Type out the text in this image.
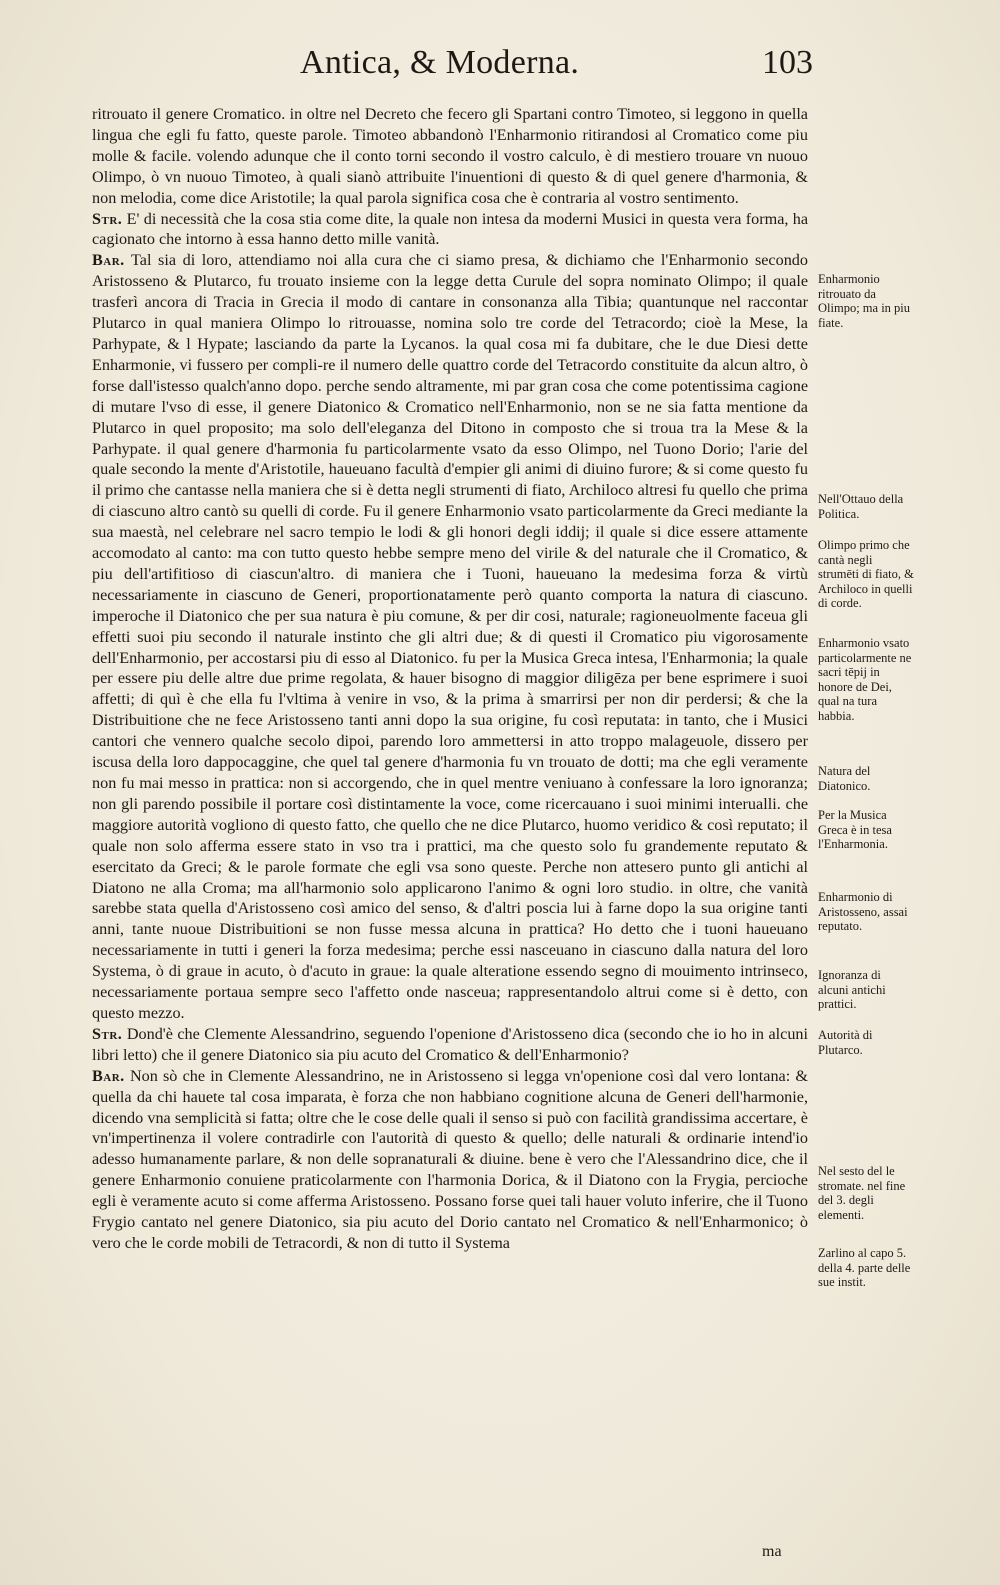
Antica, & Moderna.	103

ritrouato il genere Cromatico. in oltre nel Decreto che fecero gli Spartani contro Timoteo, si leggono in quella lingua che egli fu fatto, queste parole. Timoteo abbandonò l'Enharmonio ritirandosi al Cromatico come piu molle & facile. volendo adunque che il conto torni secondo il vostro calculo, è di mestiero trouare vn nuouo Olimpo, ò vn nuouo Timoteo, à quali sianò attribuite l'inuentioni di questo & di quel genere d'harmonia, & non melodia, come dice Aristotile; la qual parola significa cosa che è contraria al vostro sentimento.

Str. E' di necessità che la cosa stia come dite, la quale non intesa da moderni Musici in questa vera forma, ha cagionato che intorno à essa hanno detto mille vanità.

Bar. Tal sia di loro, attendiamo noi alla cura che ci siamo presa, & dichiamo che l'Enharmonio secondo Aristosseno & Plutarco, fu trouato insieme con la legge detta Curule del sopra nominato Olimpo; il quale trasferì ancora di Tracia in Grecia il modo di cantare in consonanza alla Tibia; quantunque nel raccontar Plutarco in qual maniera Olimpo lo ritrouasse, nomina solo tre corde del Tetracordo; cioè la Mese, la Parhypate, & l Hypate; lasciando da parte la Lycanos. la qual cosa mi fa dubitare, che le due Diesi dette Enharmonie, vi fussero per compli-re il numero delle quattro corde del Tetracordo constituite da alcun altro, ò forse dall'istesso qualch'anno dopo. perche sendo altramente, mi par gran cosa che come potentissima cagione di mutare l'vso di esse, il genere Diatonico & Cromatico nell'Enharmonio, non se ne sia fatta mentione da Plutarco in quel proposito; ma solo dell'eleganza del Ditono in composto che si troua tra la Mese & la Parhypate. il qual genere d'harmonia fu particolarmente vsato da esso Olimpo, nel Tuono Dorio; l'arie del quale secondo la mente d'Aristotile, haueuano facultà d'empier gli animi di diuino furore; & si come questo fu il primo che cantasse nella maniera che si è detta negli strumenti di fiato, Archiloco altresi fu quello che prima di ciascuno altro cantò su quelli di corde. Fu il genere Enharmonio vsato particolarmente da Greci mediante la sua maestà, nel celebrare nel sacro tempio le lodi & gli honori degli iddij; il quale si dice essere attamente accomodato al canto: ma con tutto questo hebbe sempre meno del virile & del naturale che il Cromatico, & piu dell'artifitioso di ciascun'altro. di maniera che i Tuoni, haueuano la medesima forza & virtù necessariamente in ciascuno de Generi, proportionatamente però quanto comporta la natura di ciascuno. imperoche il Diatonico che per sua natura è piu comune, & per dir cosi, naturale; ragioneuolmente faceua gli effetti suoi piu secondo il naturale instinto che gli altri due; & di questi il Cromatico piu vigorosamente dell'Enharmonio, per accostarsi piu di esso al Diatonico. fu per la Musica Greca intesa, l'Enharmonia; la quale per essere piu delle altre due prime regolata, & hauer bisogno di maggior diligēza per bene esprimere i suoi affetti; di quì è che ella fu l'vltima à venire in vso, & la prima à smarrirsi per non dir perdersi; & che la Distribuitione che ne fece Aristosseno tanti anni dopo la sua origine, fu così reputata: in tanto, che i Musici cantori che vennero qualche secolo dipoi, parendo loro ammettersi in atto troppo malageuole, dissero per iscusa della loro dappocaggine, che quel tal genere d'harmonia fu vn trouato de dotti; ma che egli veramente non fu mai messo in prattica: non si accorgendo, che in quel mentre veniuano à confessare la loro ignoranza; non gli parendo possibile il portare così distintamente la voce, come ricercauano i suoi minimi interualli. che maggiore autorità vogliono di questo fatto, che quello che ne dice Plutarco, huomo veridico & così reputato; il quale non solo afferma essere stato in vso tra i prattici, ma che questo solo fu grandemente reputato & esercitato da Greci; & le parole formate che egli vsa sono queste. Perche non attesero punto gli antichi al Diatono ne alla Croma; ma all'harmonio solo applicarono l'animo & ogni loro studio. in oltre, che vanità sarebbe stata quella d'Aristosseno così amico del senso, & d'altri poscia lui à farne dopo la sua origine tanti anni, tante nuoue Distribuitioni se non fusse messa alcuna in prattica? Ho detto che i tuoni haueuano necessariamente in tutti i generi la forza medesima; perche essi nasceuano in ciascuno dalla natura del loro Systema, ò di graue in acuto, ò d'acuto in graue: la quale alteratione essendo segno di mouimento intrinseco, necessariamente portaua sempre seco l'affetto onde nasceua; rappresentandolo altrui come si è detto, con questo mezzo.

Str. Dond'è che Clemente Alessandrino, seguendo l'openione d'Aristosseno dica (secondo che io ho in alcuni libri letto) che il genere Diatonico sia piu acuto del Cromatico & dell'Enharmonio?

Bar. Non sò che in Clemente Alessandrino, ne in Aristosseno si legga vn'openione così dal vero lontana: & quella da chi hauete tal cosa imparata, è forza che non habbiano cognitione alcuna de Generi dell'harmonie, dicendo vna semplicità si fatta; oltre che le cose delle quali il senso si può con facilità grandissima accertare, è vn'impertinenza il volere contradirle con l'autorità di questo & quello; delle naturali & ordinarie intend'io adesso humanamente parlare, & non delle sopranaturali & diuine. bene è vero che l'Alessandrino dice, che il genere Enharmonio conuiene praticolarmente con l'harmonia Dorica, & il Diatono con la Frygia, percioche egli è veramente acuto si come afferma Aristosseno. Possano forse quei tali hauer voluto inferire, che il Tuono Frygio cantato nel genere Diatonico, sia piu acuto del Dorio cantato nel Cromatico & nell'Enharmonico; ò vero che le corde mobili de Tetracordi, & non di tutto il Systema

Enharmonio ritrouato da Olimpo; ma in piu fiate.
Nell'Ottauo della Politica.
Olimpo primo che cantà negli strumēti di fiato, & Archiloco in quelli di corde.
Enharmonio vsato particolarmente ne sacri tēpij in honore de Dei, qual na tura habbia.
Natura del Diatonico.
Per la Musica Greca è in tesa l'Enharmonia.
Enharmonio di Aristosseno, assai reputato.
Ignoranza di alcuni antichi prattici.
Autorità di Plutarco.
Nel sesto del le stromate. nel fine del 3. degli elementi.
Zarlino al capo 5. della 4. parte delle sue instit.
ma
